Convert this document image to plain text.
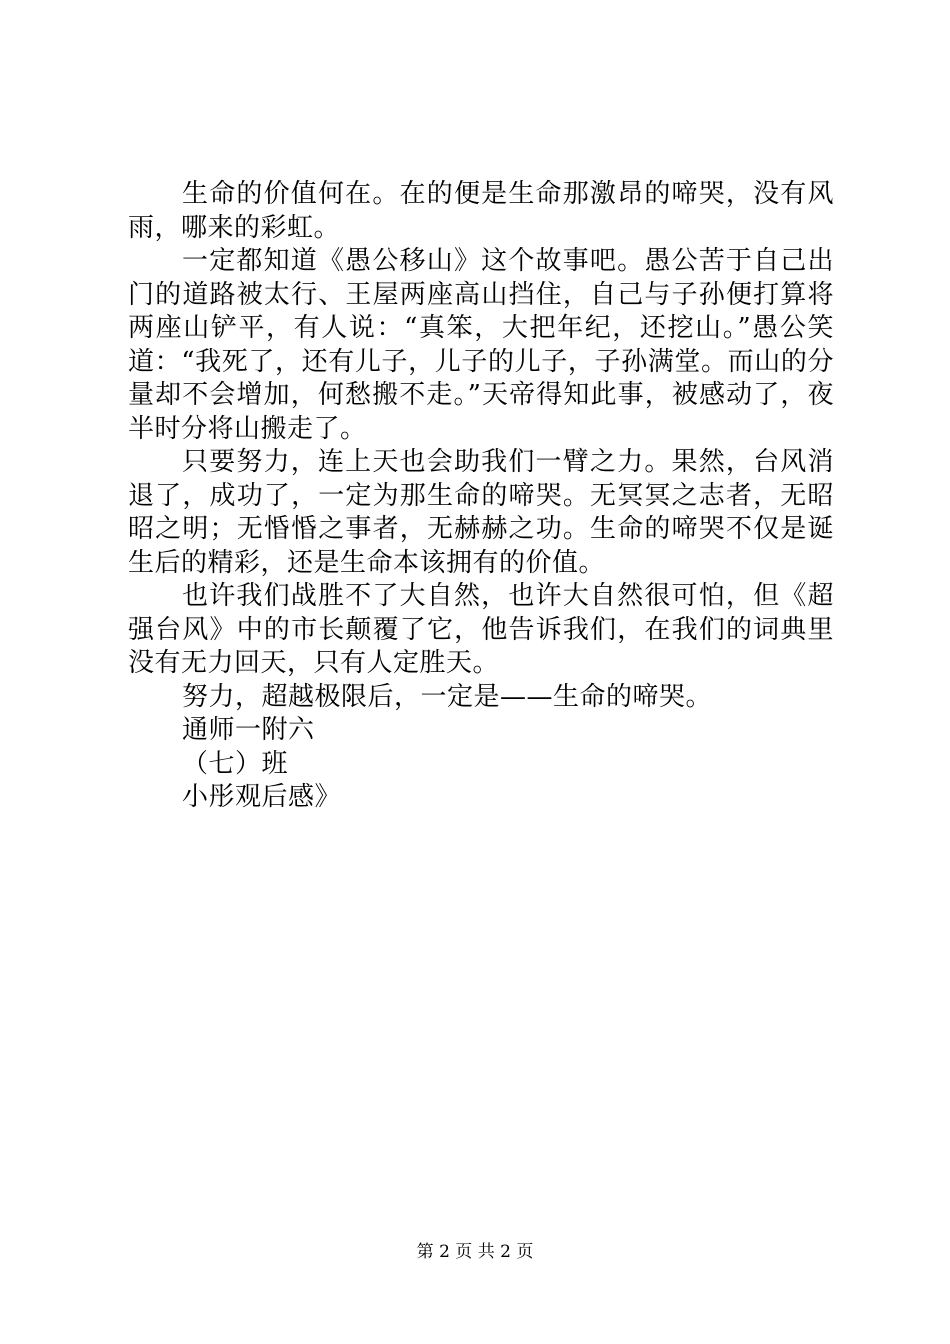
生命的价值何在。在的便是生命那激昂的啼哭，没有风雨，哪来的彩虹。

一定都知道《愚公移山》这个故事吧。愚公苦于自己出门的道路被太行、王屋两座高山挡住，自己与子孙便打算将两座山铲平，有人说：“真笨，大把年纪，还挖山。”愚公笑道：“我死了，还有儿子，儿子的儿子，子孙满堂。而山的分量却不会增加，何愁搬不走。”天帝得知此事，被感动了，夜半时分将山搬走了。

只要努力，连上天也会助我们一臂之力。果然，台风消退了，成功了，一定为那生命的啼哭。无冥冥之志者，无昭昭之明；无惛惛之事者，无赫赫之功。生命的啼哭不仅是诞生后的精彩，还是生命本该拥有的价值。

也许我们战胜不了大自然，也许大自然很可怕，但《超强台风》中的市长颠覆了它，他告诉我们，在我们的词典里没有无力回天，只有人定胜天。

努力，超越极限后，一定是——生命的啼哭。

通师一附六

（七）班

小彤观后感》

第 2 页 共 2 页
